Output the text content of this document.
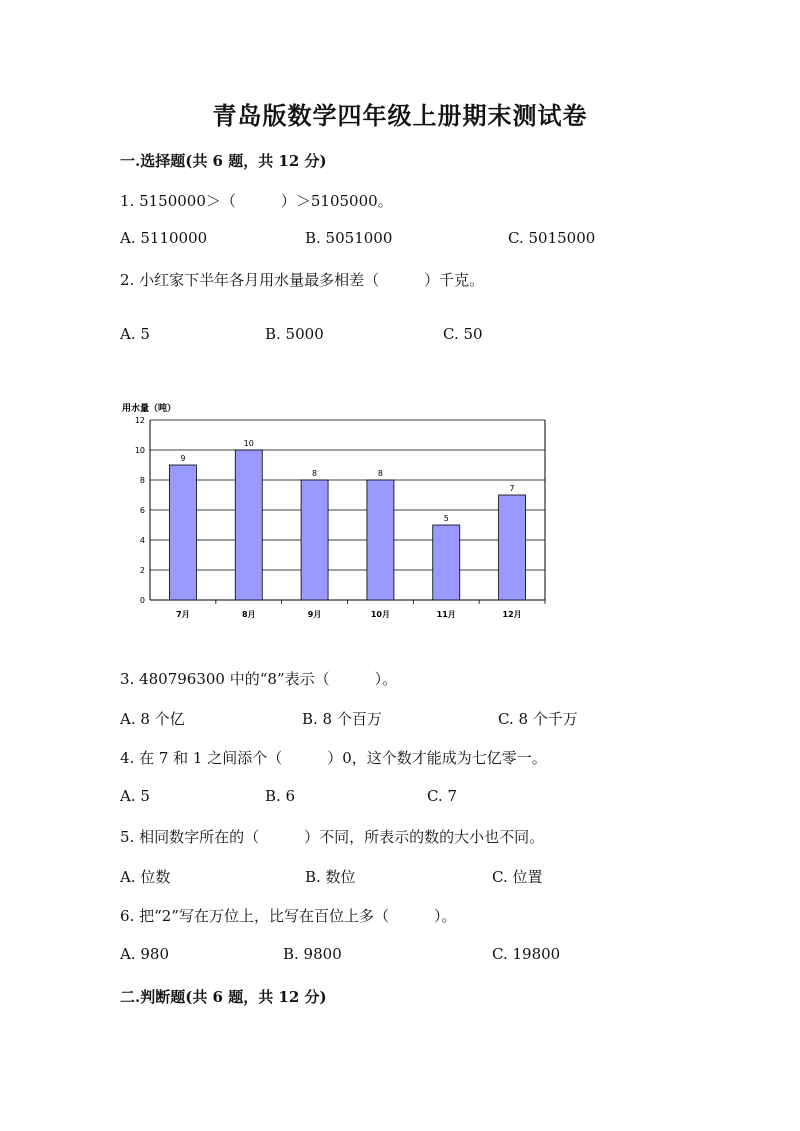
青岛版数学四年级上册期末测试卷
一.选择题(共 6 题，共 12 分)
1. 5150000＞（　　　）＞5105000。
A. 5110000	B. 5051000	C. 5015000
2. 小红家下半年各月用水量最多相差（　　　）千克。
A. 5	B. 5000	C. 50
用水量（吨）
0
2
4
6
8
10
12
9
7月
10
8月
8
9月
8
10月
5
11月
7
12月
3. 480796300 中的“8”表示（　　　）。
A. 8 个亿	B. 8 个百万	C. 8 个千万
4. 在 7 和 1 之间添个（　　　）0，这个数才能成为七亿零一。
A. 5	B. 6	C. 7
5. 相同数字所在的（　　　）不同，所表示的数的大小也不同。
A. 位数	B. 数位	C. 位置
6. 把“2”写在万位上，比写在百位上多（　　　）。
A. 980	B. 9800	C. 19800
二.判断题(共 6 题，共 12 分)
